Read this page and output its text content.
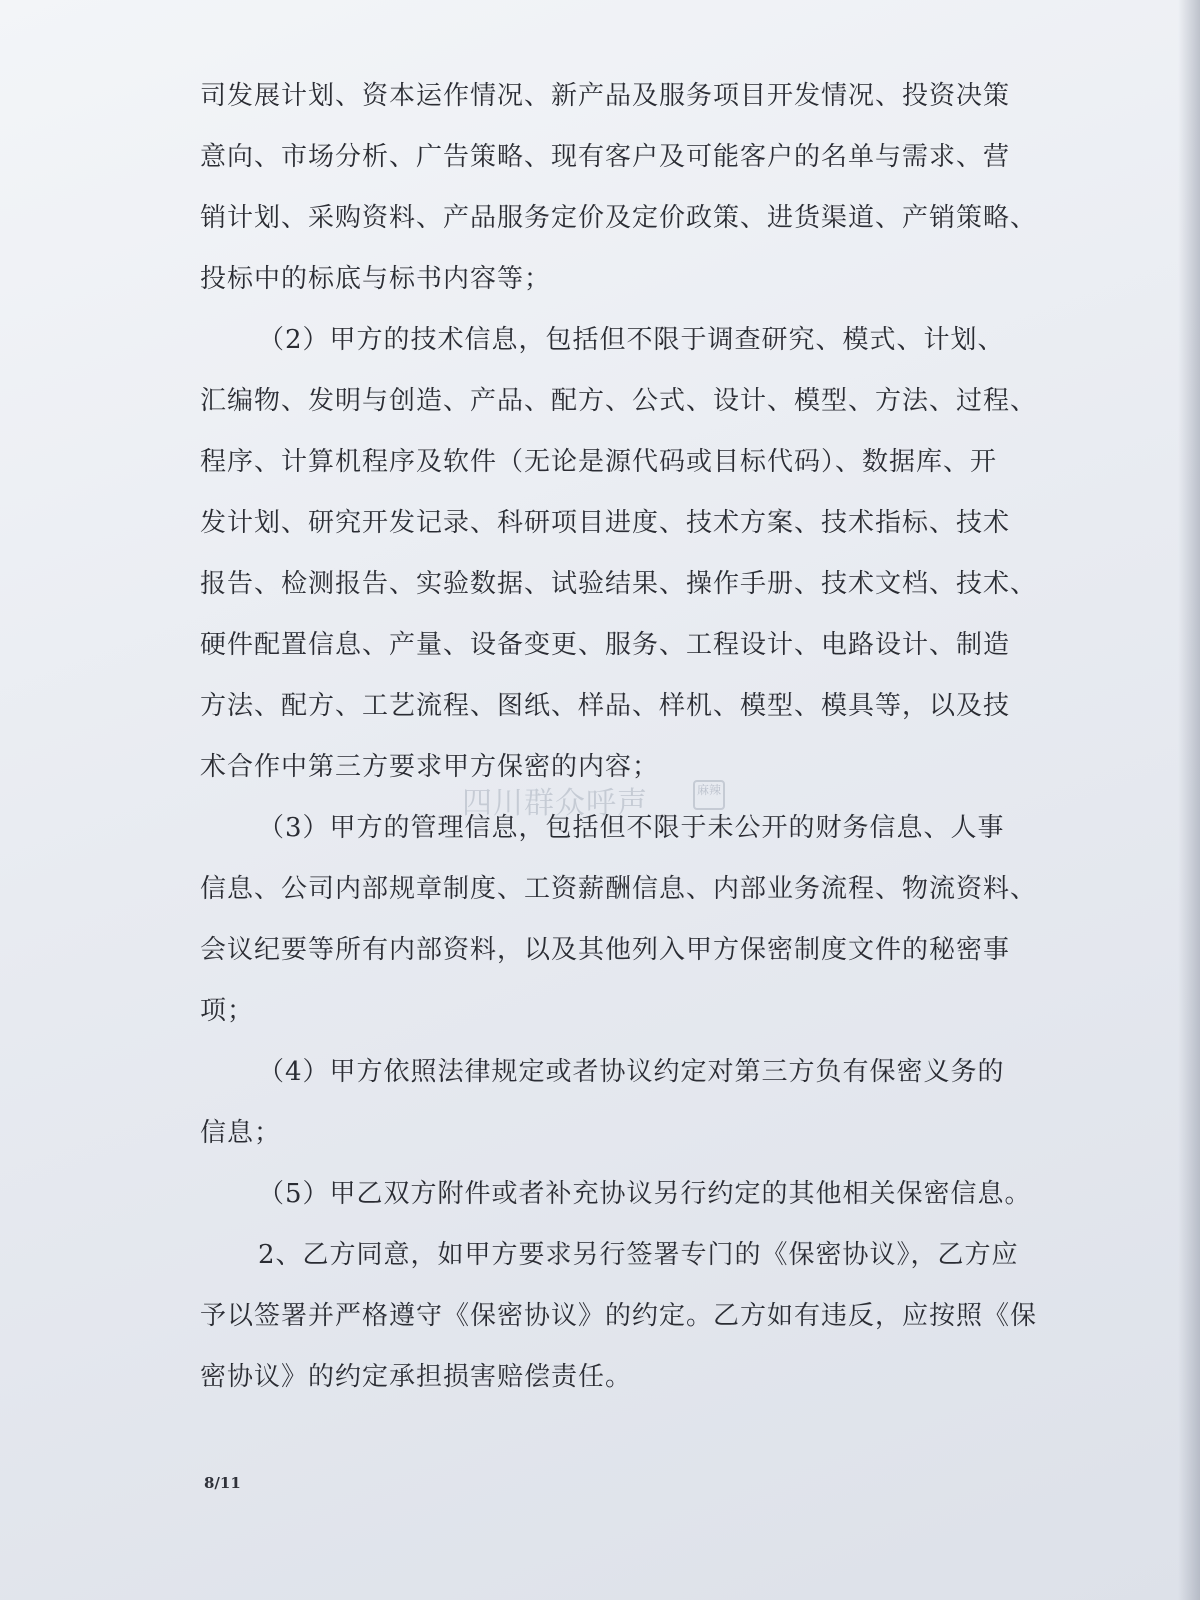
司发展计划、资本运作情况、新产品及服务项目开发情况、投资决策
意向、市场分析、广告策略、现有客户及可能客户的名单与需求、营
销计划、采购资料、产品服务定价及定价政策、进货渠道、产销策略、
投标中的标底与标书内容等；
（2）甲方的技术信息，包括但不限于调查研究、模式、计划、
汇编物、发明与创造、产品、配方、公式、设计、模型、方法、过程、
程序、计算机程序及软件（无论是源代码或目标代码）、数据库、开
发计划、研究开发记录、科研项目进度、技术方案、技术指标、技术
报告、检测报告、实验数据、试验结果、操作手册、技术文档、技术、
硬件配置信息、产量、设备变更、服务、工程设计、电路设计、制造
方法、配方、工艺流程、图纸、样品、样机、模型、模具等，以及技
术合作中第三方要求甲方保密的内容；
（3）甲方的管理信息，包括但不限于未公开的财务信息、人事
信息、公司内部规章制度、工资薪酬信息、内部业务流程、物流资料、
会议纪要等所有内部资料，以及其他列入甲方保密制度文件的秘密事
项；
（4）甲方依照法律规定或者协议约定对第三方负有保密义务的
信息；
（5）甲乙双方附件或者补充协议另行约定的其他相关保密信息。
2、乙方同意，如甲方要求另行签署专门的《保密协议》，乙方应
予以签署并严格遵守《保密协议》的约定。乙方如有违反，应按照《保
密协议》的约定承担损害赔偿责任。
四川群众呼声	麻辣
8/11
